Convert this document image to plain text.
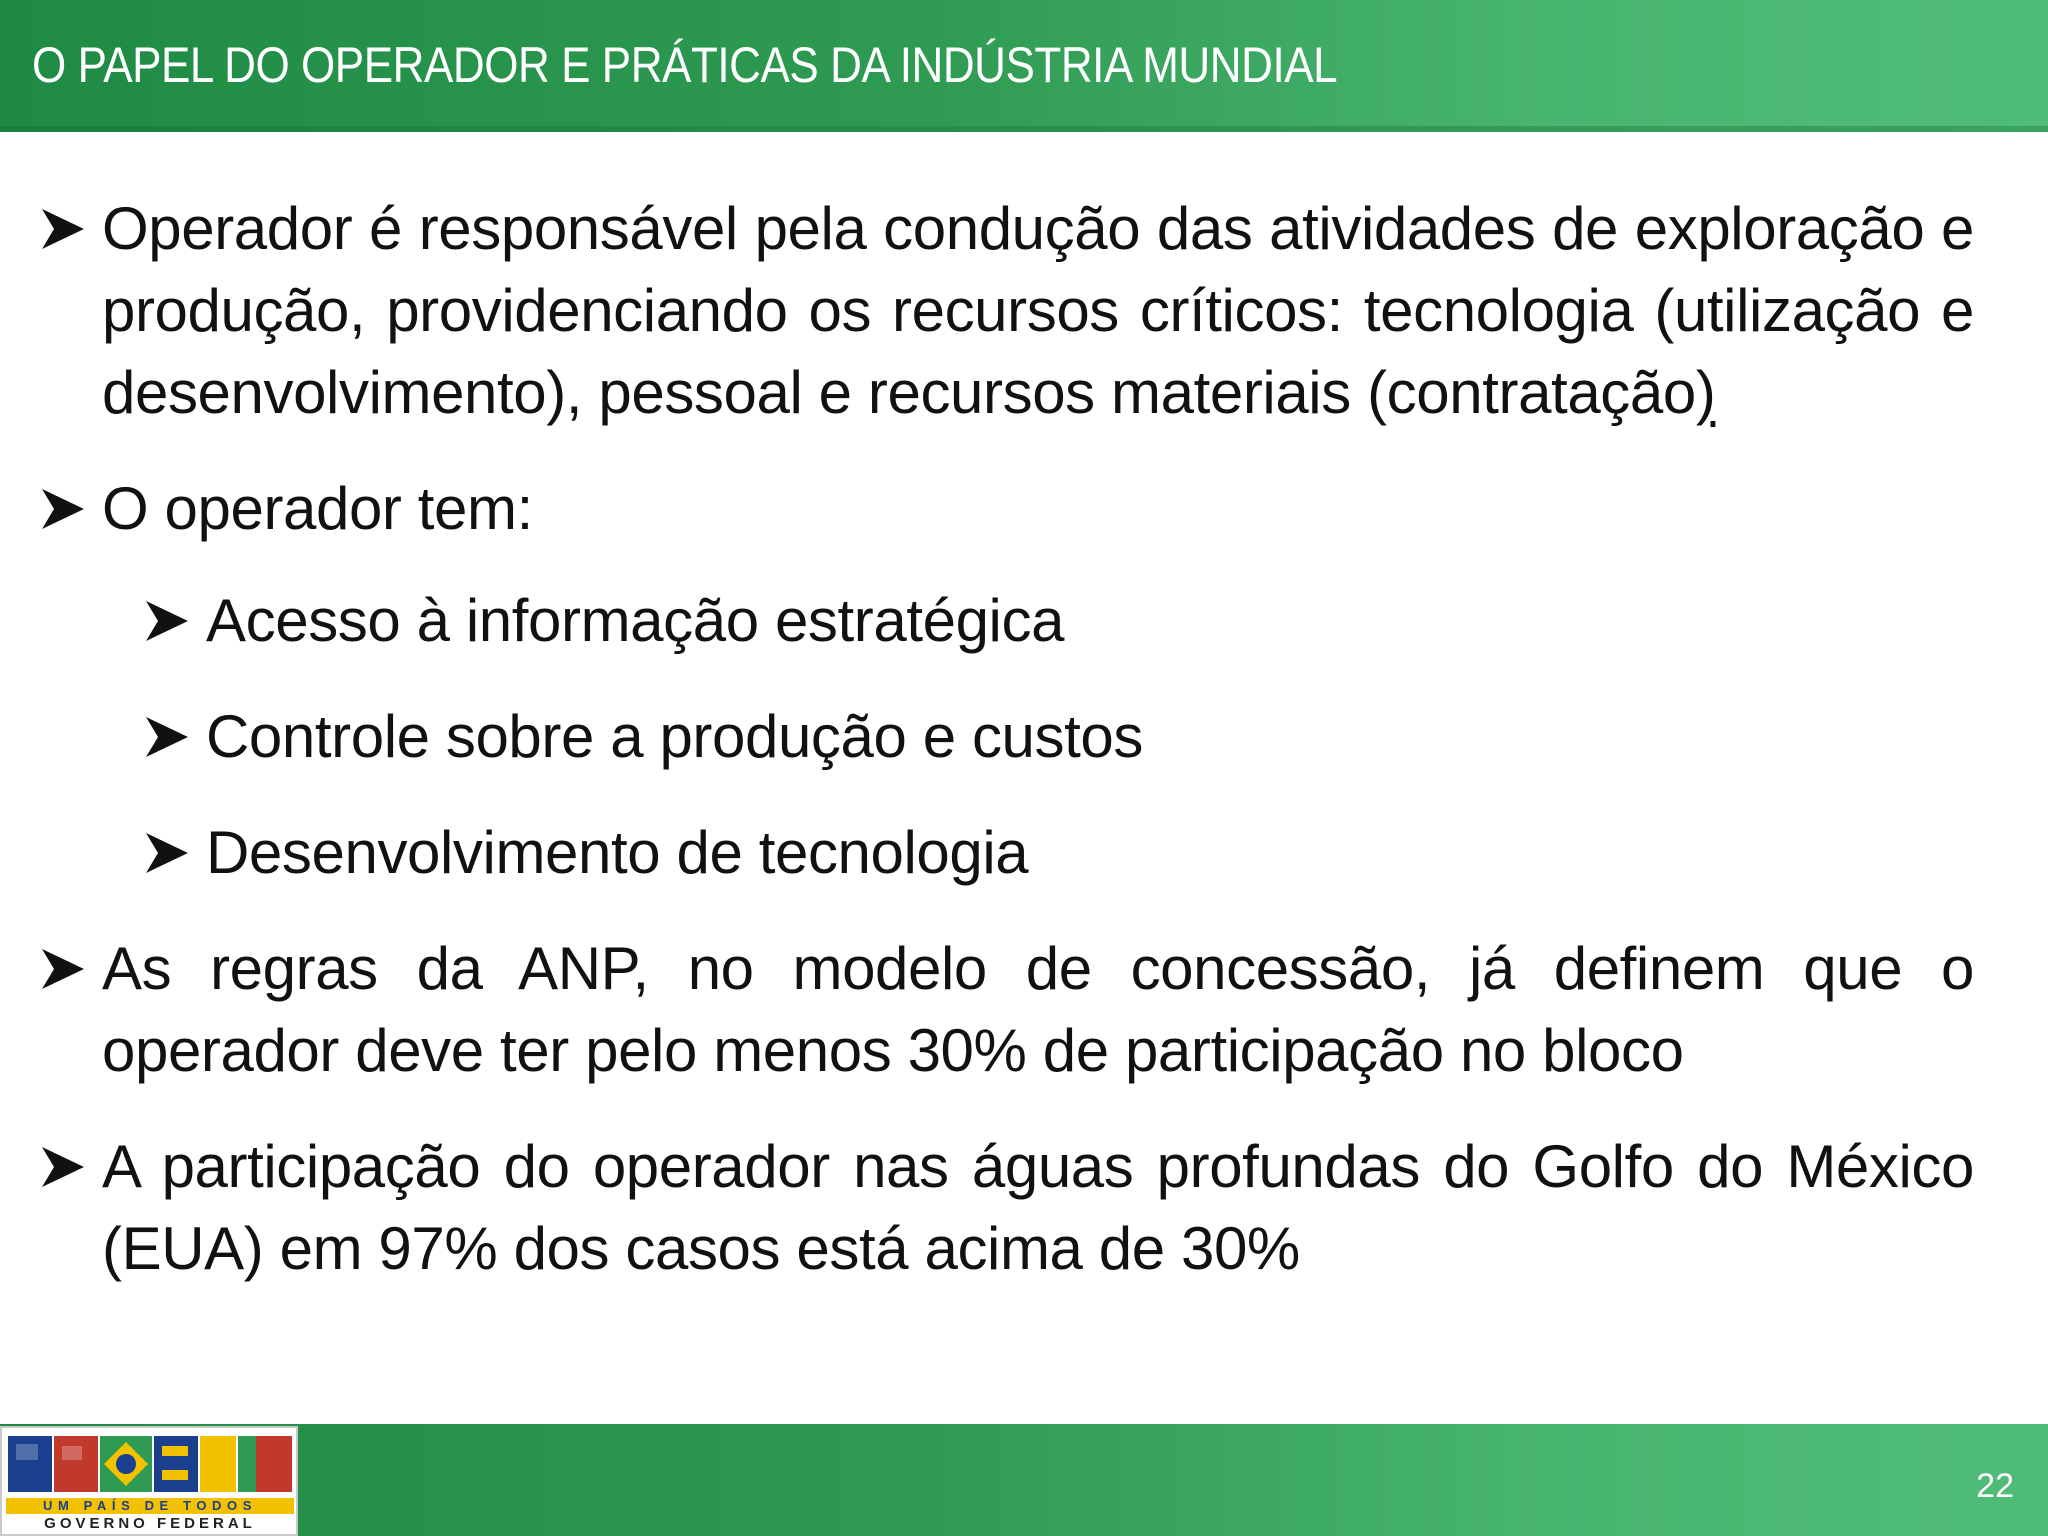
O PAPEL DO OPERADOR E PRÁTICAS DA INDÚSTRIA MUNDIAL

Operador é responsável pela condução das atividades de exploração e produção, providenciando os recursos críticos: tecnologia (utilização e desenvolvimento), pessoal e recursos materiais (contratação)

O operador tem:

Acesso à informação estratégica

Controle sobre a produção e custos

Desenvolvimento de tecnologia

As regras da ANP, no modelo de concessão, já definem que o operador deve ter pelo menos 30% de participação no bloco

A participação do operador nas águas profundas do Golfo do México (EUA) em 97% dos casos está acima de 30%

UM PAÍS DE TODOS
GOVERNO FEDERAL
22
